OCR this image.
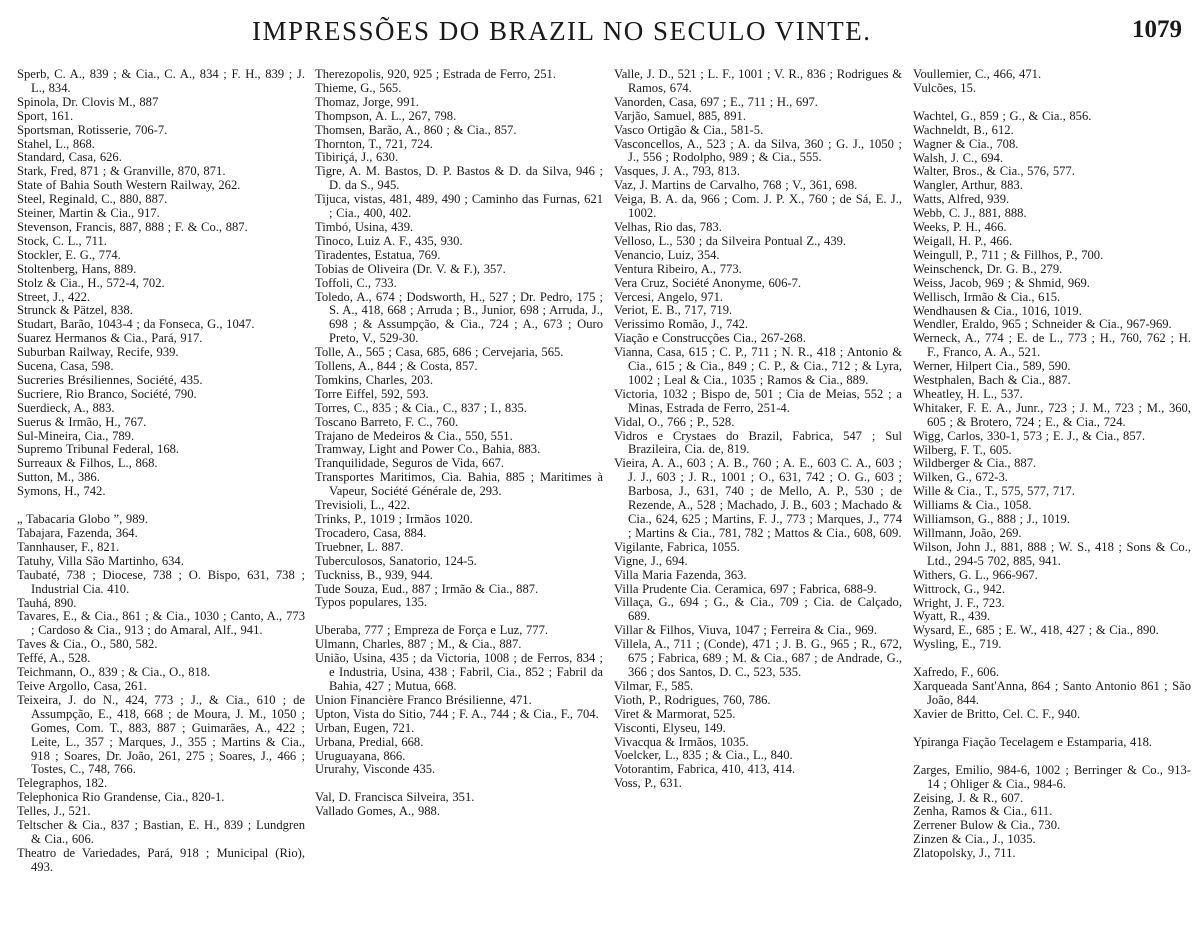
IMPRESSÕES DO BRAZIL NO SECULO VINTE.	1079
Sperb, C. A., 839 ; & Cia., C. A., 834 ; F. H., 839 ; J. L., 834.
Spinola, Dr. Clovis M., 887
Sport, 161.
Sportsman, Rotisserie, 706-7.
Stahel, L., 868.
Standard, Casa, 626.
Stark, Fred, 871 ; & Granville, 870, 871.
State of Bahia South Western Railway, 262.
Steel, Reginald, C., 880, 887.
Steiner, Martin & Cia., 917.
Stevenson, Francis, 887, 888 ; F. & Co., 887.
Stock, C. L., 711.
Stockler, E. G., 774.
Stoltenberg, Hans, 889.
Stolz & Cia., H., 572-4, 702.
Street, J., 422.
Strunck & Pätzel, 838.
Studart, Barão, 1043-4 ; da Fonseca, G., 1047.
Suarez Hermanos & Cia., Pará, 917.
Suburban Railway, Recife, 939.
Sucena, Casa, 598.
Sucreries Brésiliennes, Société, 435.
Sucriere, Rio Branco, Société, 790.
Suerdieck, A., 883.
Suerus & Irmão, H., 767.
Sul-Mineira, Cia., 789.
Supremo Tribunal Federal, 168.
Surreaux & Filhos, L., 868.
Sutton, M., 386.
Symons, H., 742.
„ Tabacaria Globo ”, 989.
Tabajara, Fazenda, 364.
Tannhauser, F., 821.
Tatuhy, Villa São Martinho, 634.
Taubaté, 738 ; Diocese, 738 ; O. Bispo, 631, 738 ; Industrial Cia. 410.
Tauhá, 890.
Tavares, E., & Cia., 861 ; & Cia., 1030 ; Canto, A., 773 ; Cardoso & Cia., 913 ; do Amaral, Alf., 941.
Taves & Cia., O., 580, 582.
Teffé, A., 528.
Teichmann, O., 839 ; & Cia., O., 818.
Teive Argollo, Casa, 261.
Teixeira, J. do N., 424, 773 ; J., & Cia., 610 ; de Assumpção, E., 418, 668 ; de Moura, J. M., 1050 ; Gomes, Com. T., 883, 887 ; Guimarães, A., 422 ; Leite, L., 357 ; Marques, J., 355 ; Martins & Cia., 918 ; Soares, Dr. João, 261, 275 ; Soares, J., 466 ; Tostes, C., 748, 766.
Telegraphos, 182.
Telephonica Rio Grandense, Cia., 820-1.
Telles, J., 521.
Teltscher & Cia., 837 ; Bastian, E. H., 839 ; Lundgren & Cia., 606.
Theatro de Variedades, Pará, 918 ; Municipal (Rio), 493.
Therezopolis, 920, 925 ; Estrada de Ferro, 251.
Thieme, G., 565.
Thomaz, Jorge, 991.
Thompson, A. L., 267, 798.
Thomsen, Barão, A., 860 ; & Cia., 857.
Thornton, T., 721, 724.
Tibiriçá, J., 630.
Tigre, A. M. Bastos, D. P. Bastos & D. da Silva, 946 ; D. da S., 945.
Tijuca, vistas, 481, 489, 490 ; Caminho das Furnas, 621 ; Cia., 400, 402.
Timbó, Usina, 439.
Tinoco, Luiz A. F., 435, 930.
Tiradentes, Estatua, 769.
Tobias de Oliveira (Dr. V. & F.), 357.
Toffoli, C., 733.
Toledo, A., 674 ; Dodsworth, H., 527 ; Dr. Pedro, 175 ; S. A., 418, 668 ; Arruda ; B., Junior, 698 ; Arruda, J., 698 ; & Assumpção, & Cia., 724 ; A., 673 ; Ouro Preto, V., 529-30.
Tolle, A., 565 ; Casa, 685, 686 ; Cervejaria, 565.
Tollens, A., 844 ; & Costa, 857.
Tomkins, Charles, 203.
Torre Eiffel, 592, 593.
Torres, C., 835 ; & Cia., C., 837 ; I., 835.
Toscano Barreto, F. C., 760.
Trajano de Medeiros & Cia., 550, 551.
Tramway, Light and Power Co., Bahia, 883.
Tranquilidade, Seguros de Vida, 667.
Transportes Maritimos, Cia. Bahia, 885 ; Maritimes à Vapeur, Société Générale de, 293.
Trevisioli, L., 422.
Trinks, P., 1019 ; Irmãos 1020.
Trocadero, Casa, 884.
Truebner, L. 887.
Tuberculosos, Sanatorio, 124-5.
Tuckniss, B., 939, 944.
Tude Souza, Eud., 887 ; Irmão & Cia., 887.
Typos populares, 135.
Uberaba, 777 ; Empreza de Força e Luz, 777.
Ulmann, Charles, 887 ; M., & Cia., 887.
União, Usina, 435 ; da Victoria, 1008 ; de Ferros, 834 ; e Industria, Usina, 438 ; Fabril, Cia., 852 ; Fabril da Bahia, 427 ; Mutua, 668.
Union Financière Franco Brésilienne, 471.
Upton, Vista do Sitio, 744 ; F. A., 744 ; & Cia., F., 704.
Urban, Eugen, 721.
Urbana, Predial, 668.
Uruguayana, 866.
Ururahy, Visconde 435.
Val, D. Francisca Silveira, 351.
Vallado Gomes, A., 988.
Valle, J. D., 521 ; L. F., 1001 ; V. R., 836 ; Rodrigues & Ramos, 674.
Vanorden, Casa, 697 ; E., 711 ; H., 697.
Varjão, Samuel, 885, 891.
Vasco Ortigão & Cia., 581-5.
Vasconcellos, A., 523 ; A. da Silva, 360 ; G. J., 1050 ; J., 556 ; Rodolpho, 989 ; & Cia., 555.
Vasques, J. A., 793, 813.
Vaz, J. Martins de Carvalho, 768 ; V., 361, 698.
Veiga, B. A. da, 966 ; Com. J. P. X., 760 ; de Sá, E. J., 1002.
Velhas, Rio das, 783.
Velloso, L., 530 ; da Silveira Pontual Z., 439.
Venancio, Luiz, 354.
Ventura Ribeiro, A., 773.
Vera Cruz, Société Anonyme, 606-7.
Vercesi, Angelo, 971.
Veriot, E. B., 717, 719.
Verissimo Romão, J., 742.
Viação e Construcções Cia., 267-268.
Vianna, Casa, 615 ; C. P., 711 ; N. R., 418 ; Antonio & Cia., 615 ; & Cia., 849 ; C. P., & Cia., 712 ; & Lyra, 1002 ; Leal & Cia., 1035 ; Ramos & Cia., 889.
Victoria, 1032 ; Bispo de, 501 ; Cia de Meias, 552 ; a Minas, Estrada de Ferro, 251-4.
Vidal, O., 766 ; P., 528.
Vidros e Crystaes do Brazil, Fabrica, 547 ; Sul Brazileira, Cia. de, 819.
Vieira, A. A., 603 ; A. B., 760 ; A. E., 603 C. A., 603 ; J. J., 603 ; J. R., 1001 ; O., 631, 742 ; O. G., 603 ; Barbosa, J., 631, 740 ; de Mello, A. P., 530 ; de Rezende, A., 528 ; Machado, J. B., 603 ; Machado & Cia., 624, 625 ; Martins, F. J., 773 ; Marques, J., 774 ; Martins & Cia., 781, 782 ; Mattos & Cia., 608, 609.
Vigilante, Fabrica, 1055.
Vigne, J., 694.
Villa Maria Fazenda, 363.
Villa Prudente Cia. Ceramica, 697 ; Fabrica, 688-9.
Villaça, G., 694 ; G., & Cia., 709 ; Cia. de Calçado, 689.
Villar & Filhos, Viuva, 1047 ; Ferreira & Cia., 969.
Villela, A., 711 ; (Conde), 471 ; J. B. G., 965 ; R., 672, 675 ; Fabrica, 689 ; M. & Cia., 687 ; de Andrade, G., 366 ; dos Santos, D. C., 523, 535.
Vilmar, F., 585.
Vioth, P., Rodrigues, 760, 786.
Viret & Marmorat, 525.
Visconti, Elyseu, 149.
Vivacqua & Irmãos, 1035.
Voelcker, L., 835 ; & Cia., L., 840.
Votorantim, Fabrica, 410, 413, 414.
Voss, P., 631.
Voullemier, C., 466, 471.
Vulcões, 15.
Wachtel, G., 859 ; G., & Cia., 856.
Wachneldt, B., 612.
Wagner & Cia., 708.
Walsh, J. C., 694.
Walter, Bros., & Cia., 576, 577.
Wangler, Arthur, 883.
Watts, Alfred, 939.
Webb, C. J., 881, 888.
Weeks, P. H., 466.
Weigall, H. P., 466.
Weingull, P., 711 ; & Fillhos, P., 700.
Weinschenck, Dr. G. B., 279.
Weiss, Jacob, 969 ; & Shmid, 969.
Wellisch, Irmão & Cia., 615.
Wendhausen & Cia., 1016, 1019.
Wendler, Eraldo, 965 ; Schneider & Cia., 967-969.
Werneck, A., 774 ; E. de L., 773 ; H., 760, 762 ; H. F., Franco, A. A., 521.
Werner, Hilpert Cia., 589, 590.
Westphalen, Bach & Cia., 887.
Wheatley, H. L., 537.
Whitaker, F. E. A., Junr., 723 ; J. M., 723 ; M., 360, 605 ; & Brotero, 724 ; E., & Cia., 724.
Wigg, Carlos, 330-1, 573 ; E. J., & Cia., 857.
Wilberg, F. T., 605.
Wildberger & Cia., 887.
Wilken, G., 672-3.
Wille & Cia., T., 575, 577, 717.
Williams & Cia., 1058.
Williamson, G., 888 ; J., 1019.
Willmann, João, 269.
Wilson, John J., 881, 888 ; W. S., 418 ; Sons & Co., Ltd., 294-5 702, 885, 941.
Withers, G. L., 966-967.
Wittrock, G., 942.
Wright, J. F., 723.
Wyatt, R., 439.
Wysard, E., 685 ; E. W., 418, 427 ; & Cia., 890.
Wysling, E., 719.
Xafredo, F., 606.
Xarqueada Sant'Anna, 864 ; Santo Antonio 861 ; São João, 844.
Xavier de Britto, Cel. C. F., 940.
Ypiranga Fiação Tecelagem e Estamparia, 418.
Zarges, Emilio, 984-6, 1002 ; Berringer & Co., 913-14 ; Ohliger & Cia., 984-6.
Zeising, J. & R., 607.
Zenha, Ramos & Cia., 611.
Zerrener Bulow & Cia., 730.
Zinzen & Cia., J., 1035.
Zlatopolsky, J., 711.
